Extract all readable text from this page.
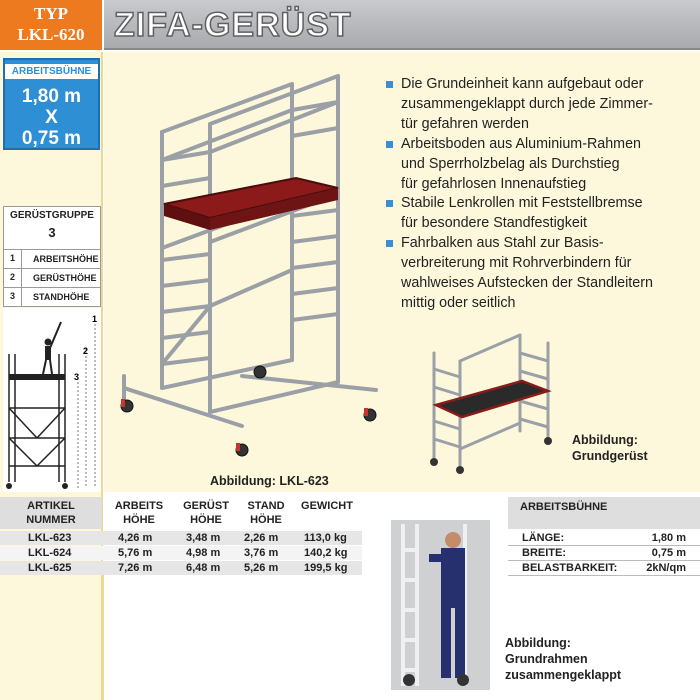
TYP
LKL-620 ZIFA-GERÜST
ARBEITSBÜHNE
1,80 m
X
0,75 m
GERÜSTGRUPPE
3
1	ARBEITSHÖHE
2	GERÜSTHÖHE
3	STANDHÖHE
1
2
3
Die Grundeinheit kann aufgebaut oder
zusammengeklappt durch jede Zimmer-
tür gefahren werden
Arbeitsboden aus Aluminium-Rahmen
und Sperrholzbelag als Durchstieg
für gefahrlosen Innenaufstieg
Stabile Lenkrollen mit Feststellbremse
für besondere Standfestigkeit
Fahrbalken aus Stahl zur Basis-
verbreiterung mit Rohrverbindern für
wahlweises Aufstecken der Standleitern
mittig oder seitlich
Abbildung: LKL-623
Abbildung:
Grundgerüst
ARTIKEL
NUMMER
ARBEITS
HÖHE
GERÜST
HÖHE
STAND
HÖHE
GEWICHT
LKL-623	4,26 m	3,48 m 2,26 m 113,0 kg
LKL-624	5,76 m	4,98 m 3,76 m 140,2 kg
LKL-625	7,26 m	6,48 m 5,26 m 199,5 kg
ARBEITSBÜHNE
LÄNGE:	1,80 m
BREITE:	0,75 m
BELASTBARKEIT:	2kN/qm
Abbildung:
Grundrahmen
zusammengeklappt
